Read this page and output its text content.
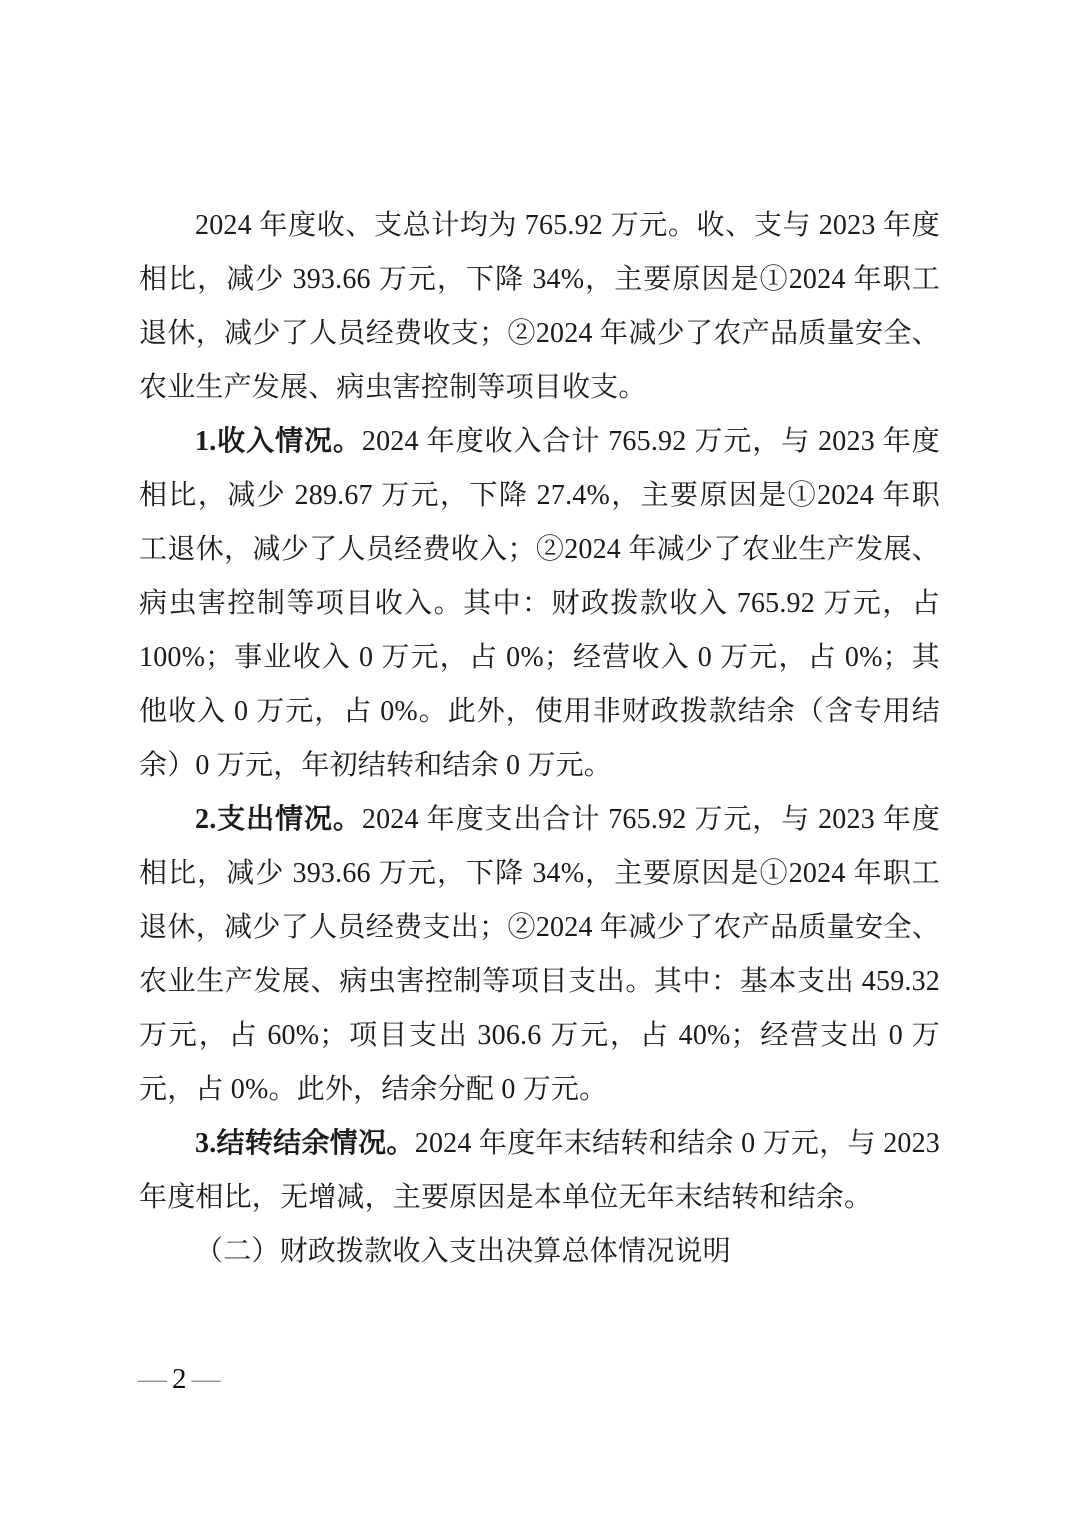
2024 年度收、支总计均为 765.92 万元。收、支与 2023 年度相比，减少 393.66 万元，下降 34%，主要原因是①2024 年职工退休，减少了人员经费收支；②2024 年减少了农产品质量安全、农业生产发展、病虫害控制等项目收支。

1.收入情况。2024 年度收入合计 765.92 万元，与 2023 年度相比，减少 289.67 万元，下降 27.4%，主要原因是①2024 年职工退休，减少了人员经费收入；②2024 年减少了农业生产发展、病虫害控制等项目收入。其中：财政拨款收入 765.92 万元，占 100%；事业收入 0 万元，占 0%；经营收入 0 万元，占 0%；其他收入 0 万元，占 0%。此外，使用非财政拨款结余（含专用结余）0 万元，年初结转和结余 0 万元。

2.支出情况。2024 年度支出合计 765.92 万元，与 2023 年度相比，减少 393.66 万元，下降 34%，主要原因是①2024 年职工退休，减少了人员经费支出；②2024 年减少了农产品质量安全、农业生产发展、病虫害控制等项目支出。其中：基本支出 459.32 万元，占 60%；项目支出 306.6 万元，占 40%；经营支出 0 万元，占 0%。此外，结余分配 0 万元。

3.结转结余情况。2024 年度年末结转和结余 0 万元，与 2023 年度相比，无增减，主要原因是本单位无年末结转和结余。

（二）财政拨款收入支出决算总体情况说明

— 2 —
